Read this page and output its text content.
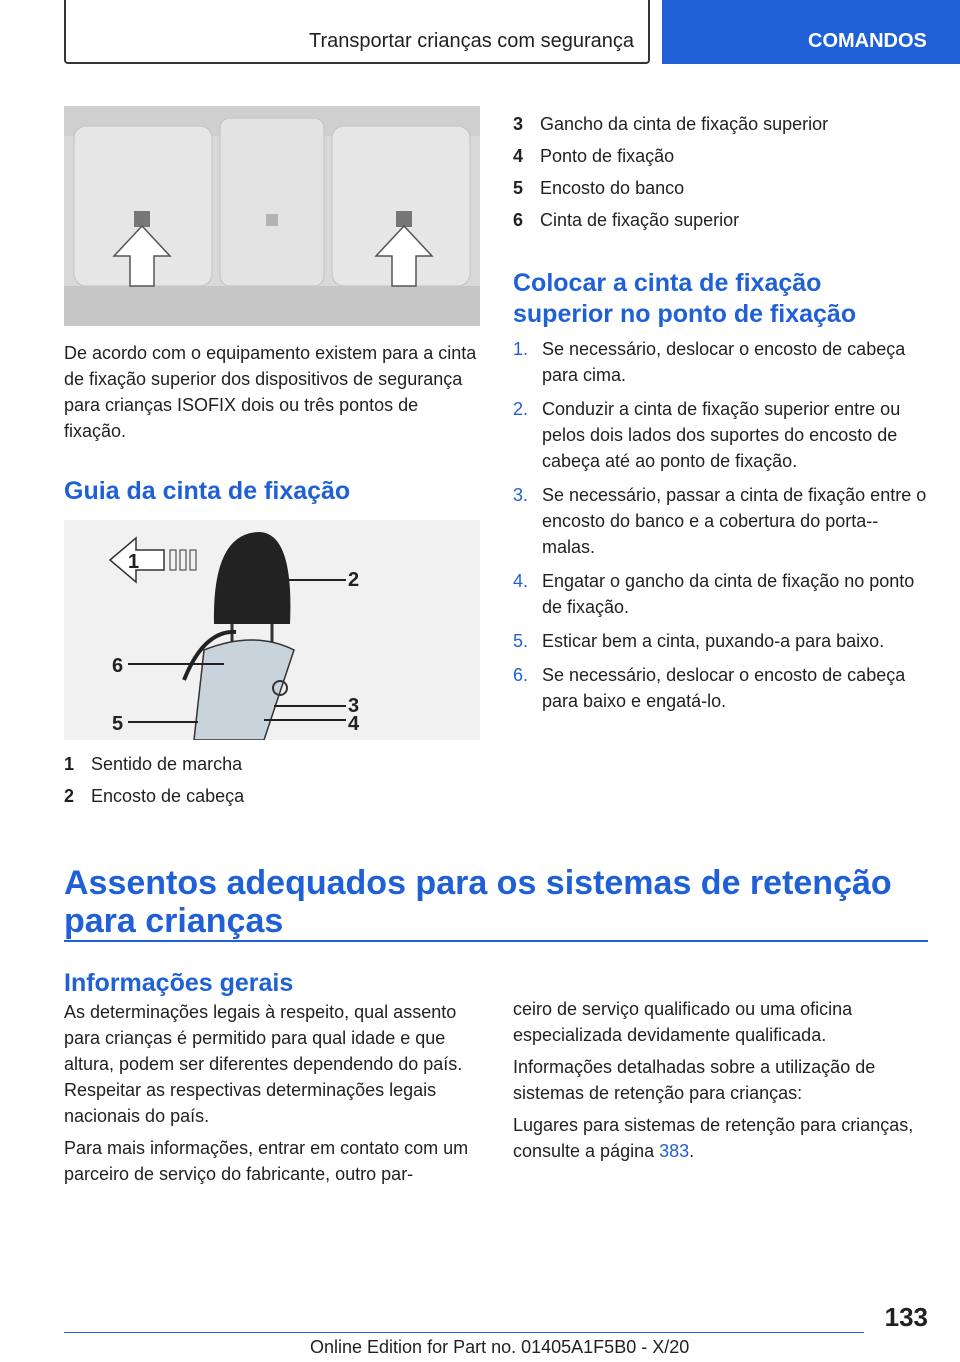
Transportar crianças com segurança	COMANDOS

De acordo com o equipamento existem para a cinta de fixação superior dos dispositivos de segurança para crianças ISOFIX dois ou três pontos de fixação.

Guia da cinta de fixação
1
2
6
3
5	4
1 Sentido de marcha
2 Encosto de cabeça
3 Gancho da cinta de fixação superior
4 Ponto de fixação
5 Encosto do banco
6 Cinta de fixação superior
Colocar a cinta de fixação superior no ponto de fixação
1. Se necessário, deslocar o encosto de cabeça para cima.
2. Conduzir a cinta de fixação superior entre ou pelos dois lados dos suportes do encosto de cabeça até ao ponto de fixação.
3. Se necessário, passar a cinta de fixação entre o encosto do banco e a cobertura do porta--malas.
4. Engatar o gancho da cinta de fixação no ponto de fixação.
5. Esticar bem a cinta, puxando-a para baixo.
6. Se necessário, deslocar o encosto de cabeça para baixo e engatá-lo.
Assentos adequados para os sistemas de retenção para crianças
Informações gerais

As determinações legais à respeito, qual assento para crianças é permitido para qual idade e que altura, podem ser diferentes dependendo do país. Respeitar as respectivas determinações legais nacionais do país.

Para mais informações, entrar em contato com um parceiro de serviço do fabricante, outro par-

ceiro de serviço qualificado ou uma oficina especializada devidamente qualificada.

Informações detalhadas sobre a utilização de sistemas de retenção para crianças:

Lugares para sistemas de retenção para crianças, consulte a página 383.

133
Online Edition for Part no. 01405A1F5B0 - X/20
